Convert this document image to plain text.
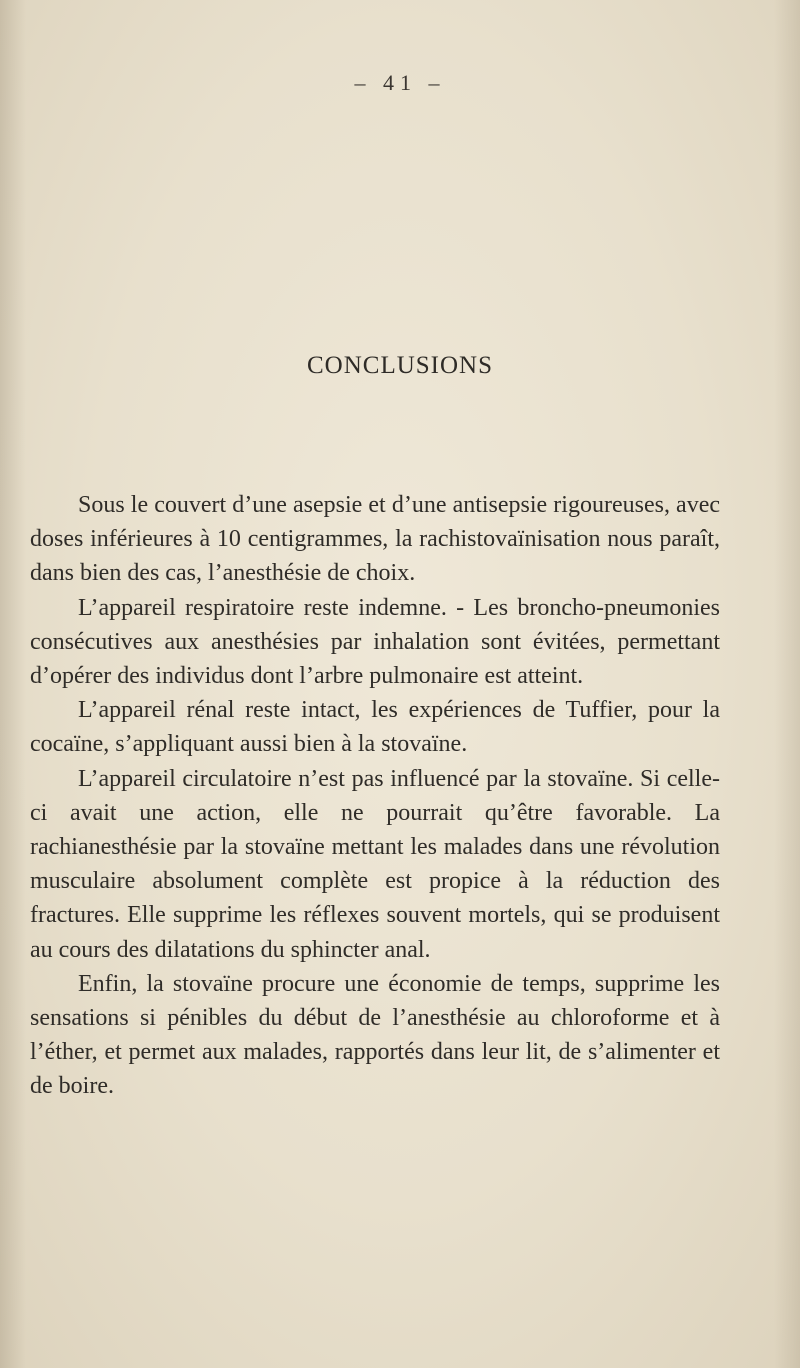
– 41 –
CONCLUSIONS

Sous le couvert d’une asepsie et d’une antisepsie rigoureuses, avec doses inférieures à 10 centigrammes, la rachistovaïnisation nous paraît, dans bien des cas, l’anesthésie de choix.

L’appareil respiratoire reste indemne. - Les broncho-pneumonies consécutives aux anesthésies par inhalation sont évitées, permettant d’opérer des individus dont l’arbre pulmonaire est atteint.

L’appareil rénal reste intact, les expériences de Tuffier, pour la cocaïne, s’appliquant aussi bien à la stovaïne.

L’appareil circulatoire n’est pas influencé par la stovaïne. Si celle-ci avait une action, elle ne pourrait qu’être favorable. La rachianesthésie par la stovaïne mettant les malades dans une révolution musculaire absolument complète est propice à la réduction des fractures. Elle supprime les réflexes souvent mortels, qui se produisent au cours des dilatations du sphincter anal.

Enfin, la stovaïne procure une économie de temps, supprime les sensations si pénibles du début de l’anesthésie au chloroforme et à l’éther, et permet aux malades, rapportés dans leur lit, de s’alimenter et de boire.
